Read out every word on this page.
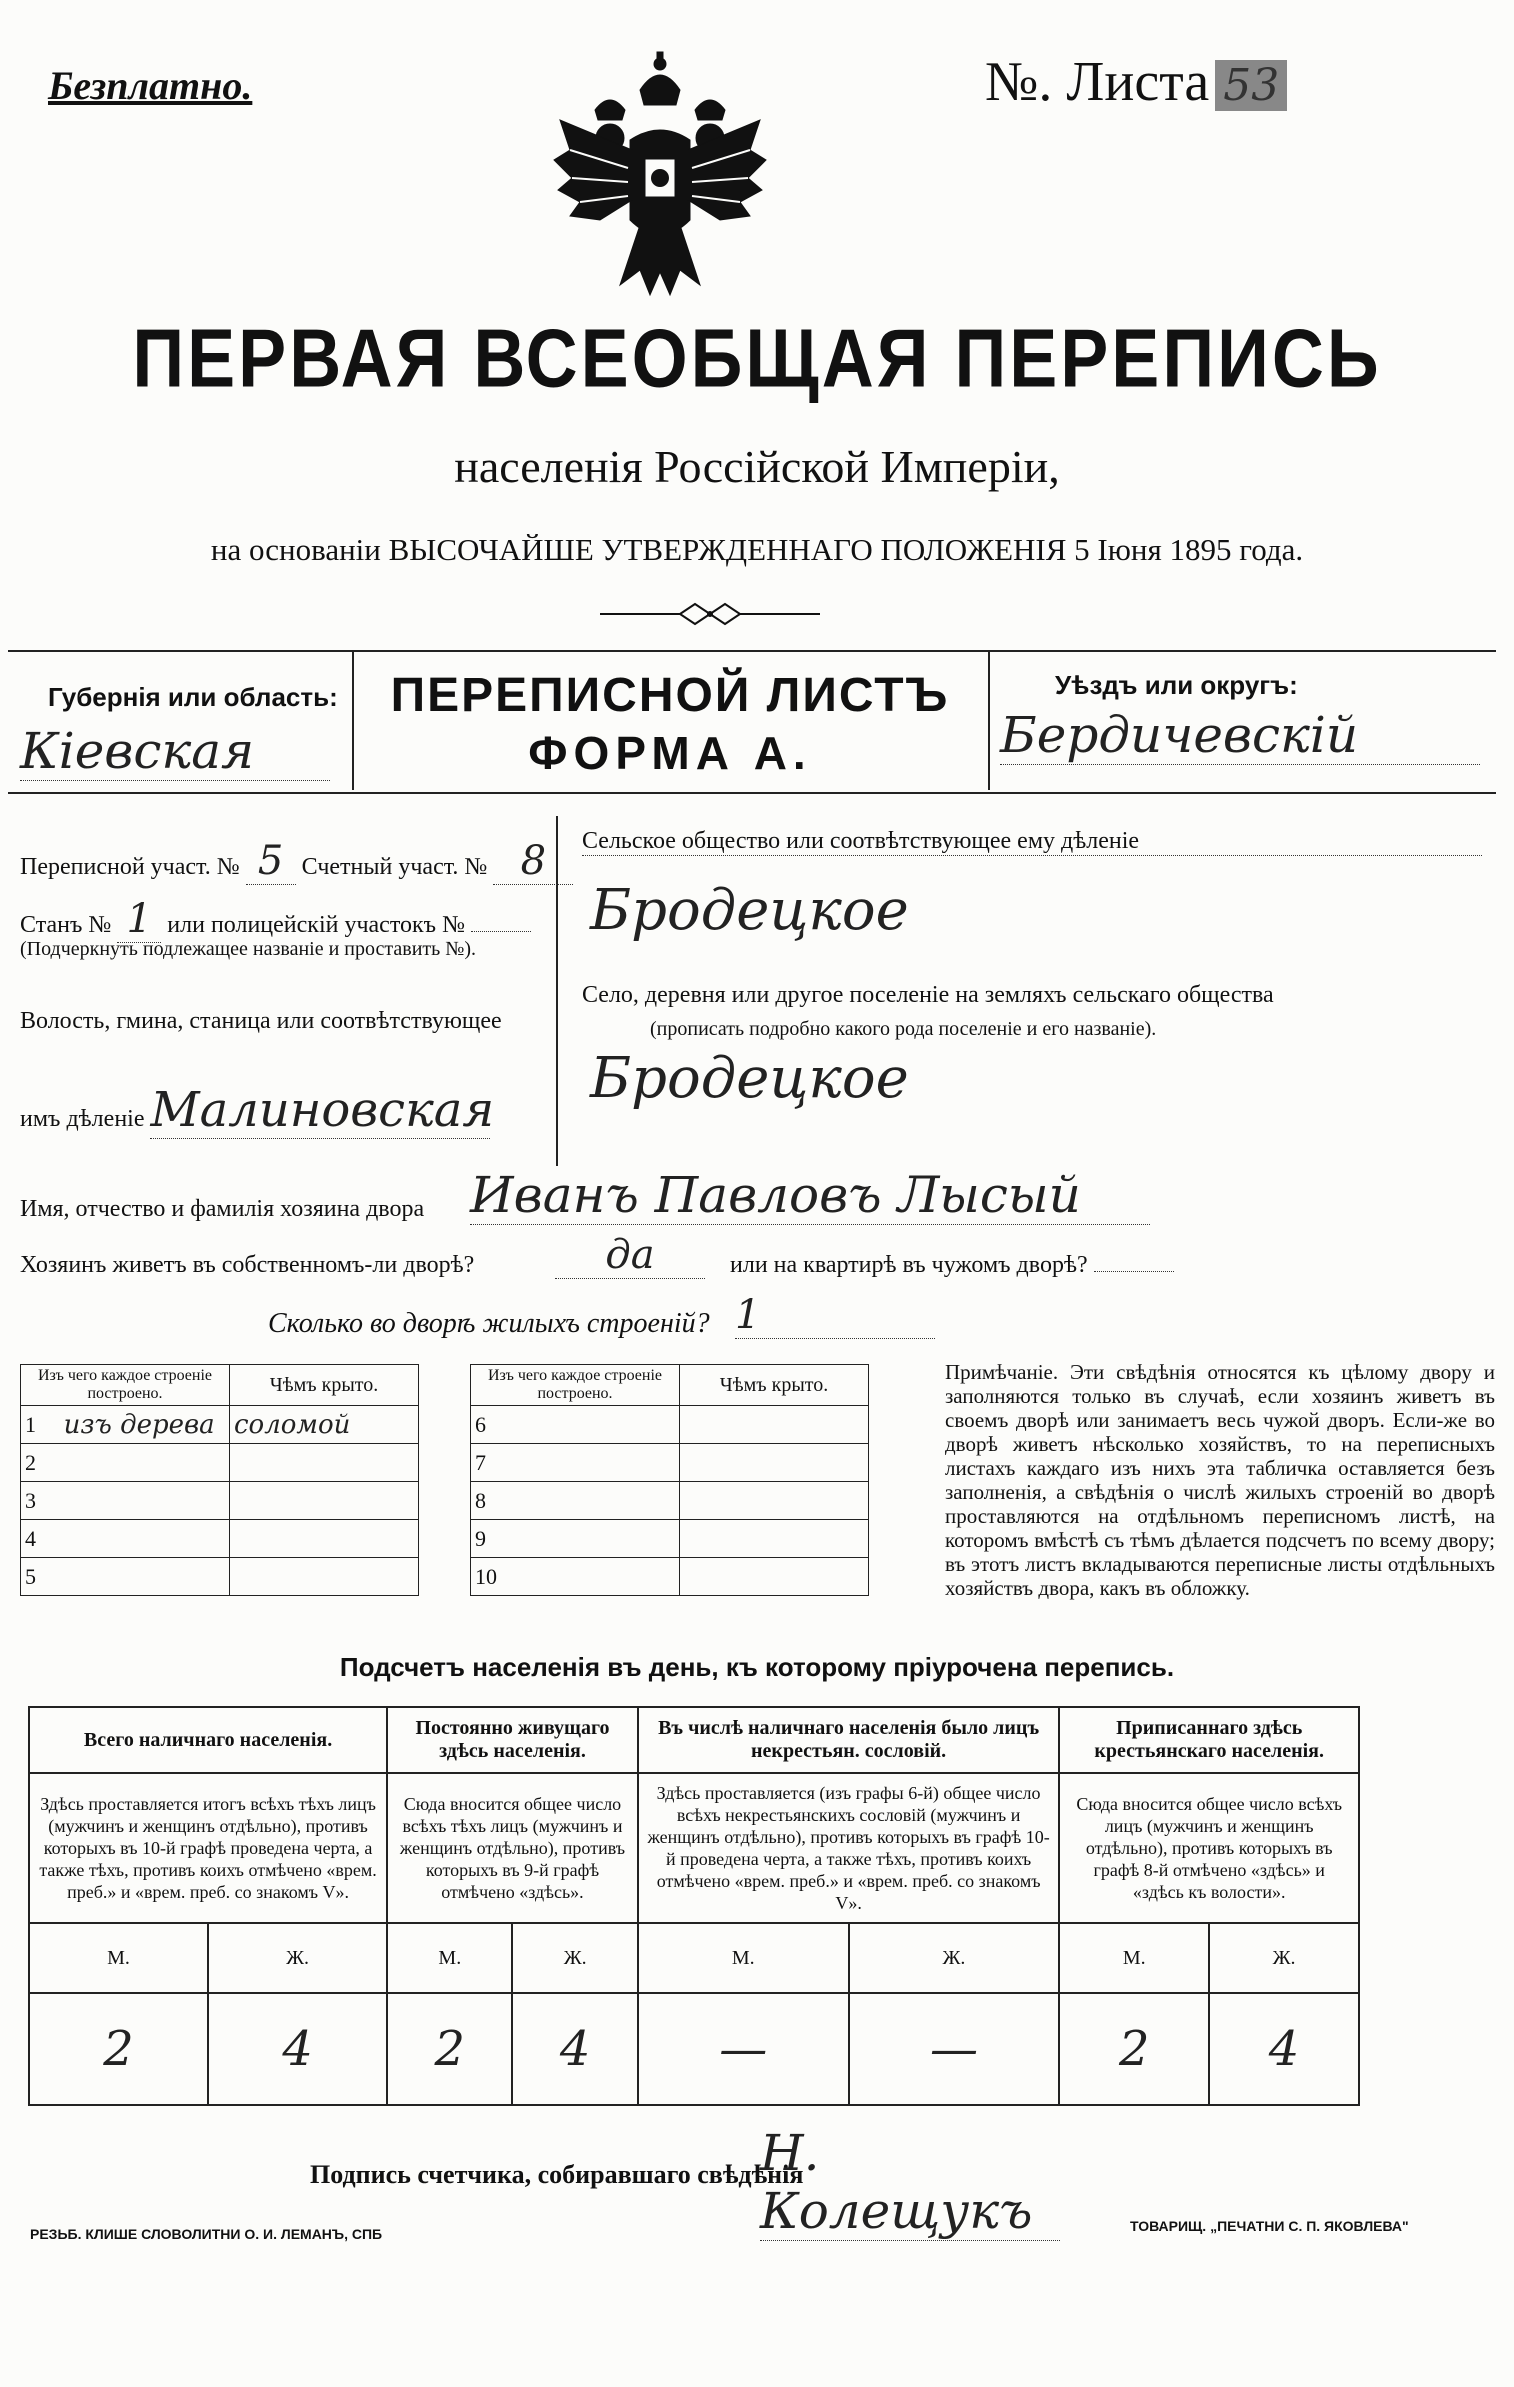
Безплатно.	№. Листа 53
ПЕРВАЯ ВСЕОБЩАЯ ПЕРЕПИСЬ
населенія Россійской Имперіи,
на основаніи ВЫСОЧАЙШЕ УТВЕРЖДЕННАГО ПОЛОЖЕНІЯ 5 Іюня 1895 года.
Губернія или область:
Кіевская
ПЕРЕПИСНОЙ ЛИСТЪ
ФОРМА А.
Уѣздъ или округъ:
Бердичевскій
Переписной участ. № 5 Счетный участ. № 8
Станъ № 1 или полицейскій участокъ №
(Подчеркнуть подлежащее названіе и проставить №).
Волость, гмина, станица или соотвѣтствующее
имъ дѣленіе Малиновская
Сельское общество или соотвѣтствующее ему дѣленіе
Бродецкое
Село, деревня или другое поселеніе на земляхъ сельскаго общества
(прописать подробно какого рода поселеніе и его названіе).
Бродецкое
Имя, отчество и фамилія хозяина двора Иванъ Павловъ Лысый
Хозяинъ живетъ въ собственномъ-ли дворѣ?	да	или на квартирѣ въ чужомъ дворѣ?
Сколько во дворѣ жилыхъ строеній? 1
Изъ чего каждое строеніе построено.		Чѣмъ крыто.
1	изъ дерева	соломой
2		
3		
4		
5		
Изъ чего каждое строеніе построено.		Чѣмъ крыто.
6		
7		
8		
9		
10		
Примѣчаніе. Эти свѣдѣнія относятся къ цѣлому двору и заполняются только въ случаѣ, если хозяинъ живетъ въ своемъ дворѣ или занимаетъ весь чужой дворъ. Если-же во дворѣ живетъ нѣсколько хозяйствъ, то на переписныхъ листахъ каждаго изъ нихъ эта табличка оставляется безъ заполненія, а свѣдѣнія о числѣ жилыхъ строеній во дворѣ проставляются на отдѣльномъ переписномъ листѣ, на которомъ вмѣстѣ съ тѣмъ дѣлается подсчетъ по всему двору; въ этотъ листъ вкладываются переписные листы отдѣльныхъ хозяйствъ двора, какъ въ обложку.
Подсчетъ населенія въ день, къ которому пріурочена перепись.
Всего наличнаго населенія.		Постоянно живущаго здѣсь населенія.		Въ числѣ наличнаго населенія было лицъ некрестьян. сословій.		Приписаннаго здѣсь крестьянскаго населенія.	
Здѣсь проставляется итогъ всѣхъ тѣхъ лицъ (мужчинъ и женщинъ отдѣльно), противъ которыхъ въ 10-й графѣ проведена черта, а также тѣхъ, противъ коихъ отмѣчено «врем. преб.» и «врем. преб. со знакомъ V».		Сюда вносится общее число всѣхъ тѣхъ лицъ (мужчинъ и женщинъ отдѣльно), противъ которыхъ въ 9-й графѣ отмѣчено «здѣсь».		Здѣсь проставляется (изъ графы 6-й) общее число всѣхъ некрестьянскихъ сословій (мужчинъ и женщинъ отдѣльно), противъ которыхъ въ графѣ 10-й проведена черта, а также тѣхъ, противъ коихъ отмѣчено «врем. преб.» и «врем. преб. со знакомъ V».		Сюда вносится общее число всѣхъ лицъ (мужчинъ и женщинъ отдѣльно), противъ которыхъ въ графѣ 8-й отмѣчено «здѣсь» и «здѣсь къ волости».	
М.	Ж.	М.	Ж.	М.	Ж.	М.	Ж.
2	4	2	4	—	—	2	4
Подпись счетчика, собиравшаго свѣдѣнія
Н. Колещукъ
РЕЗЬБ. КЛИШЕ СЛОВОЛИТНИ О. И. ЛЕМАНЪ, СПБ	ТОВАРИЩ. „ПЕЧАТНИ С. П. ЯКОВЛЕВА"
